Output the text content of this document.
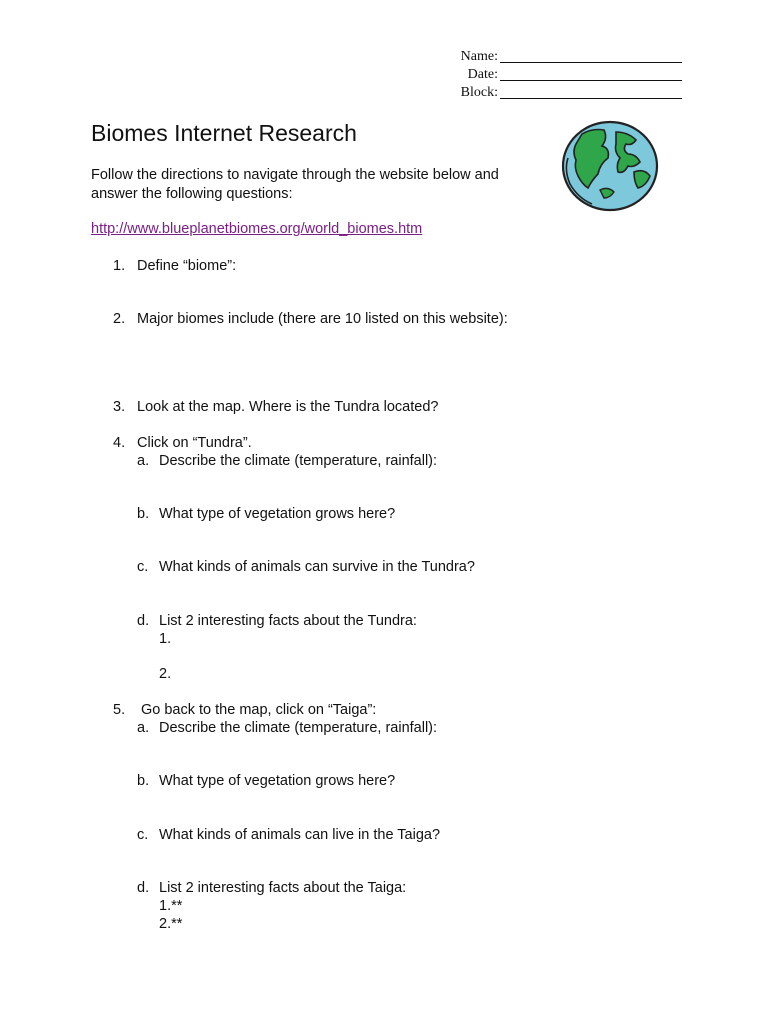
Name:
Date:
Block:
Biomes Internet Research
Follow the directions to navigate through the website below and answer the following questions:
http://www.blueplanetbiomes.org/world_biomes.htm
1. Define “biome”:
2. Major biomes include (there are 10 listed on this website):
3. Look at the map. Where is the Tundra located?
4. Click on “Tundra”.
a. Describe the climate (temperature, rainfall):
b. What type of vegetation grows here?
c. What kinds of animals can survive in the Tundra?
d. List 2 interesting facts about the Tundra:
1.
2.
5. Go back to the map, click on “Taiga”:
a. Describe the climate (temperature, rainfall):
b. What type of vegetation grows here?
c. What kinds of animals can live in the Taiga?
d. List 2 interesting facts about the Taiga:
1.**
2.**
